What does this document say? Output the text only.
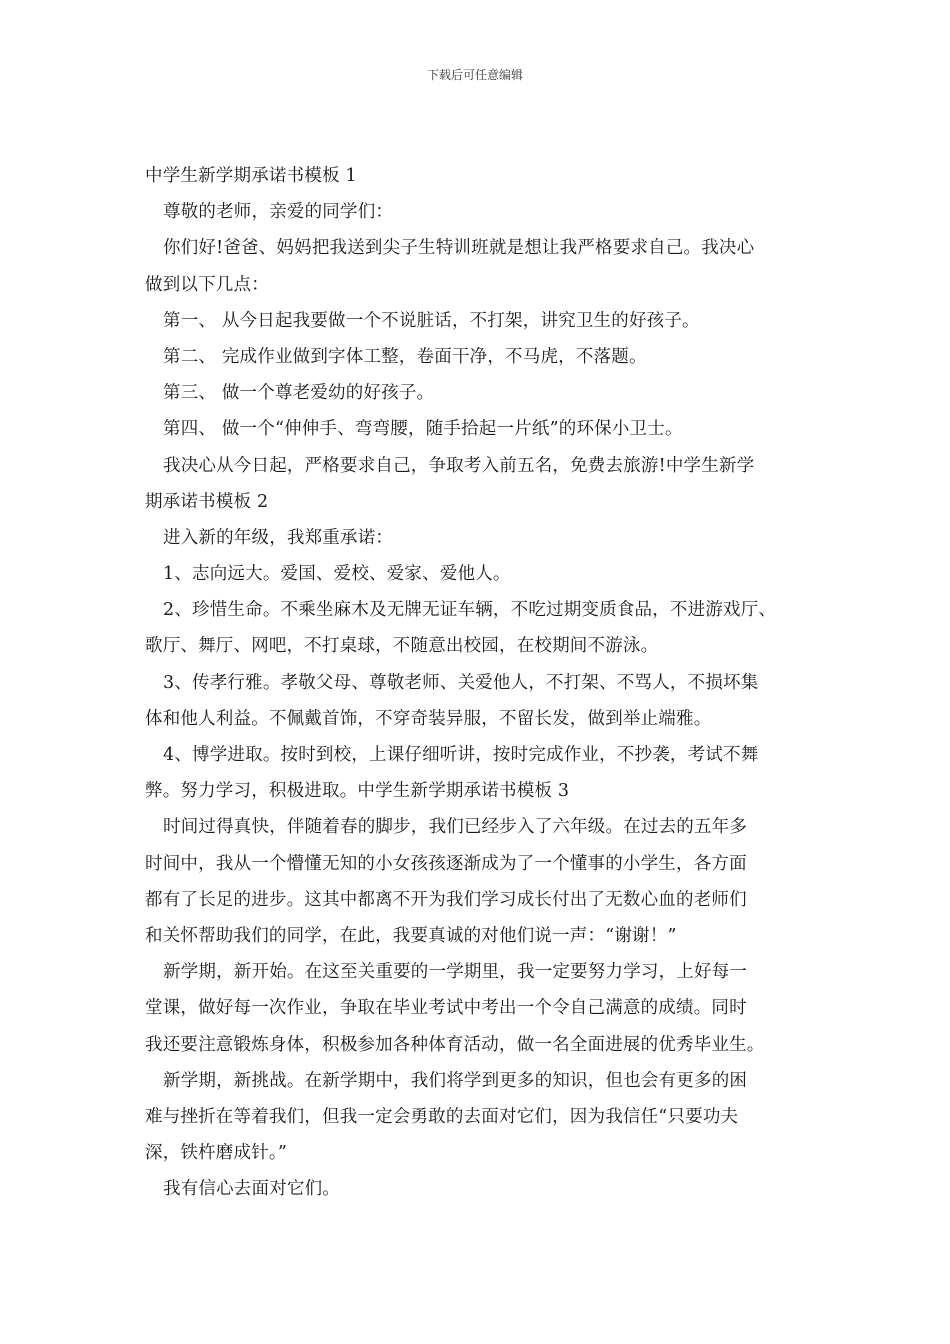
下载后可任意编辑
中学生新学期承诺书模板 1
尊敬的老师，亲爱的同学们：
你们好!爸爸、妈妈把我送到尖子生特训班就是想让我严格要求自己。我决心
做到以下几点：
第一、 从今日起我要做一个不说脏话，不打架，讲究卫生的好孩子。
第二、 完成作业做到字体工整，卷面干净，不马虎，不落题。
第三、 做一个尊老爱幼的好孩子。
第四、 做一个“伸伸手、弯弯腰，随手拾起一片纸”的环保小卫士。
我决心从今日起，严格要求自己，争取考入前五名，免费去旅游!中学生新学
期承诺书模板 2
进入新的年级，我郑重承诺：
1、志向远大。爱国、爱校、爱家、爱他人。
2、珍惜生命。不乘坐麻木及无牌无证车辆，不吃过期变质食品，不进游戏厅、
歌厅、舞厅、网吧，不打桌球，不随意出校园，在校期间不游泳。
3、传孝行雅。孝敬父母、尊敬老师、关爱他人，不打架、不骂人，不损坏集
体和他人利益。不佩戴首饰，不穿奇装异服，不留长发，做到举止端雅。
4、博学进取。按时到校，上课仔细听讲，按时完成作业，不抄袭，考试不舞
弊。努力学习，积极进取。中学生新学期承诺书模板 3
时间过得真快，伴随着春的脚步，我们已经步入了六年级。在过去的五年多
时间中，我从一个懵懂无知的小女孩孩逐渐成为了一个懂事的小学生，各方面
都有了长足的进步。这其中都离不开为我们学习成长付出了无数心血的老师们
和关怀帮助我们的同学，在此，我要真诚的对他们说一声：“谢谢！”
新学期，新开始。在这至关重要的一学期里，我一定要努力学习，上好每一
堂课，做好每一次作业，争取在毕业考试中考出一个令自己满意的成绩。同时
我还要注意锻炼身体，积极参加各种体育活动，做一名全面进展的优秀毕业生。
新学期，新挑战。在新学期中，我们将学到更多的知识，但也会有更多的困
难与挫折在等着我们，但我一定会勇敢的去面对它们，因为我信任“只要功夫
深，铁杵磨成针。”
我有信心去面对它们。
